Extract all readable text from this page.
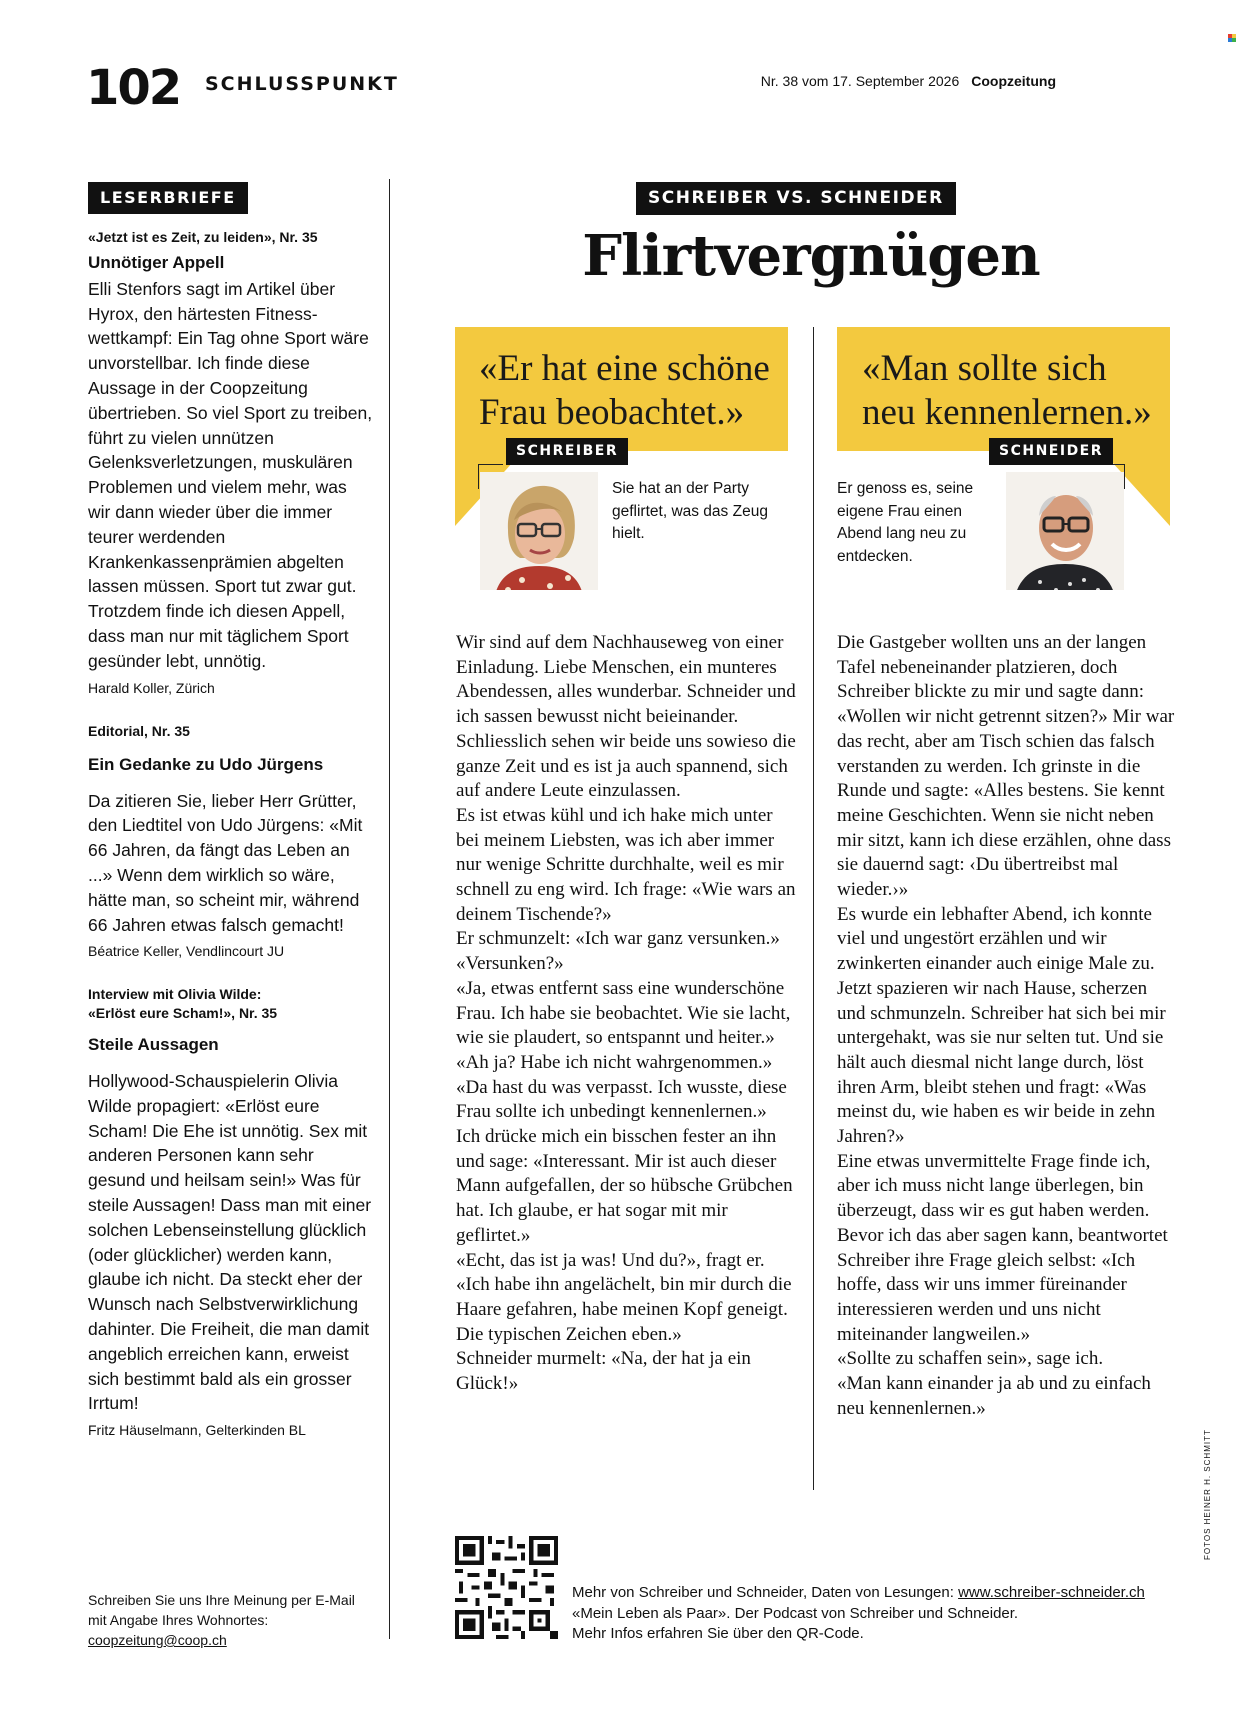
102 SCHLUSSPUNKT	Nr. 38 vom 17. September 2026 Coopzeitung
LESERBRIEFE
«Jetzt ist es Zeit, zu leiden», Nr. 35
Unnötiger Appell
Elli Stenfors sagt im Artikel über Hyrox, den härtesten Fitness-wettkampf: Ein Tag ohne Sport wäre unvorstellbar. Ich finde diese Aussage in der Coopzeitung übertrieben. So viel Sport zu treiben, führt zu vielen unnützen Gelenksverletzungen, muskulären Problemen und vielem mehr, was wir dann wieder über die immer teurer werdenden Krankenkassenprämien abgelten lassen müssen. Sport tut zwar gut. Trotzdem finde ich diesen Appell, dass man nur mit täglichem Sport gesünder lebt, unnötig.
Harald Koller, Zürich
Editorial, Nr. 35
Ein Gedanke zu Udo Jürgens
Da zitieren Sie, lieber Herr Grütter, den Liedtitel von Udo Jürgens: «Mit 66 Jahren, da fängt das Leben an ...» Wenn dem wirklich so wäre, hätte man, so scheint mir, während 66 Jahren etwas falsch gemacht!
Béatrice Keller, Vendlincourt JU
Interview mit Olivia Wilde: «Erlöst eure Scham!», Nr. 35
Steile Aussagen
Hollywood-Schauspielerin Olivia Wilde propagiert: «Erlöst eure Scham! Die Ehe ist unnötig. Sex mit anderen Personen kann sehr gesund und heilsam sein!» Was für steile Aussagen! Dass man mit einer solchen Lebenseinstellung glücklich (oder glücklicher) werden kann, glaube ich nicht. Da steckt eher der Wunsch nach Selbstverwirklichung dahinter. Die Freiheit, die man damit angeblich erreichen kann, erweist sich bestimmt bald als ein grosser Irrtum!
Fritz Häuselmann, Gelterkinden BL
Schreiben Sie uns Ihre Meinung per E-Mail mit Angabe Ihres Wohnortes:
coopzeitung@coop.ch
SCHREIBER VS. SCHNEIDER
Flirtvergnügen
«Er hat eine schöne Frau beobachtet.»
SCHREIBER
Sie hat an der Party geflirtet, was das Zeug hielt.
«Man sollte sich neu kennenlernen.»
SCHNEIDER
Er genoss es, seine eigene Frau einen Abend lang neu zu entdecken.
Wir sind auf dem Nachhauseweg von einer Einladung. Liebe Menschen, ein munteres Abendessen, alles wunderbar. Schneider und ich sassen bewusst nicht beieinander. Schliesslich sehen wir beide uns sowieso die ganze Zeit und es ist ja auch spannend, sich auf andere Leute einzulassen.
Es ist etwas kühl und ich hake mich unter bei meinem Liebsten, was ich aber immer nur wenige Schritte durchhalte, weil es mir schnell zu eng wird. Ich frage: «Wie wars an deinem Tischende?»
Er schmunzelt: «Ich war ganz versunken.»
«Versunken?»
«Ja, etwas entfernt sass eine wunderschöne Frau. Ich habe sie beobachtet. Wie sie lacht, wie sie plaudert, so entspannt und heiter.»
«Ah ja? Habe ich nicht wahrgenommen.»
«Da hast du was verpasst. Ich wusste, diese Frau sollte ich unbedingt kennenlernen.»
Ich drücke mich ein bisschen fester an ihn und sage: «Interessant. Mir ist auch dieser Mann aufgefallen, der so hübsche Grübchen hat. Ich glaube, er hat sogar mit mir geflirtet.»
«Echt, das ist ja was! Und du?», fragt er.
«Ich habe ihn angelächelt, bin mir durch die Haare gefahren, habe meinen Kopf geneigt. Die typischen Zeichen eben.»
Schneider murmelt: «Na, der hat ja ein Glück!»
Die Gastgeber wollten uns an der langen Tafel nebeneinander platzieren, doch Schreiber blickte zu mir und sagte dann: «Wollen wir nicht getrennt sitzen?» Mir war das recht, aber am Tisch schien das falsch verstanden zu werden. Ich grinste in die Runde und sagte: «Alles bestens. Sie kennt meine Geschichten. Wenn sie nicht neben mir sitzt, kann ich diese erzählen, ohne dass sie dauernd sagt: ‹Du übertreibst mal wieder.›»
Es wurde ein lebhafter Abend, ich konnte viel und ungestört erzählen und wir zwinkerten einander auch einige Male zu. Jetzt spazieren wir nach Hause, scherzen und schmunzeln. Schreiber hat sich bei mir untergehakt, was sie nur selten tut. Und sie hält auch diesmal nicht lange durch, löst ihren Arm, bleibt stehen und fragt: «Was meinst du, wie haben es wir beide in zehn Jahren?»
Eine etwas unvermittelte Frage finde ich, aber ich muss nicht lange überlegen, bin überzeugt, dass wir es gut haben werden. Bevor ich das aber sagen kann, beantwortet Schreiber ihre Frage gleich selbst: «Ich hoffe, dass wir uns immer füreinander interessieren werden und uns nicht miteinander langweilen.»
«Sollte zu schaffen sein», sage ich.
«Man kann einander ja ab und zu einfach neu kennenlernen.»
Mehr von Schreiber und Schneider, Daten von Lesungen: www.schreiber-schneider.ch
«Mein Leben als Paar». Der Podcast von Schreiber und Schneider.
Mehr Infos erfahren Sie über den QR-Code.
FOTOS HEINER H. SCHMITT
